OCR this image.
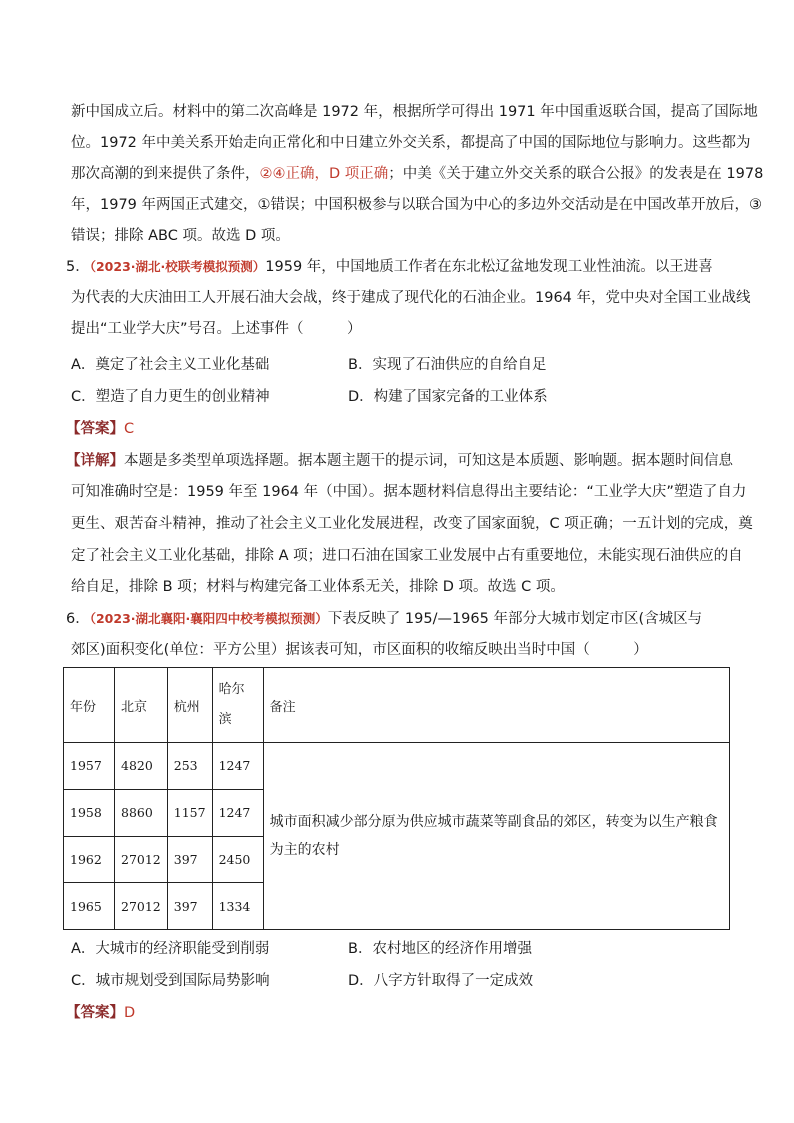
新中国成立后。材料中的第二次高峰是 1972 年，根据所学可得出 1971 年中国重返联合国，提高了国际地
位。1972 年中美关系开始走向正常化和中日建立外交关系，都提高了中国的国际地位与影响力。这些都为
那次高潮的到来提供了条件，②④正确，D 项正确；中美《关于建立外交关系的联合公报》的发表是在 1978
年，1979 年两国正式建交，①错误；中国积极参与以联合国为中心的多边外交活动是在中国改革开放后，③
错误；排除 ABC 项。故选 D 项。
5．（2023·湖北·校联考模拟预测）1959 年，中国地质工作者在东北松辽盆地发现工业性油流。以王进喜
为代表的大庆油田工人开展石油大会战，终于建成了现代化的石油企业。1964 年，党中央对全国工业战线
提出“工业学大庆”号召。上述事件（　　　）
A．奠定了社会主义工业化基础	B．实现了石油供应的自给自足
C．塑造了自力更生的创业精神	D．构建了国家完备的工业体系
【答案】C
【详解】本题是多类型单项选择题。据本题主题干的提示词，可知这是本质题、影响题。据本题时间信息
可知准确时空是：1959 年至 1964 年（中国）。据本题材料信息得出主要结论：“工业学大庆”塑造了自力
更生、艰苦奋斗精神，推动了社会主义工业化发展进程，改变了国家面貌，C 项正确；一五计划的完成，奠
定了社会主义工业化基础，排除 A 项；进口石油在国家工业发展中占有重要地位，未能实现石油供应的自
给自足，排除 B 项；材料与构建完备工业体系无关，排除 D 项。故选 C 项。
6．（2023·湖北襄阳·襄阳四中校考模拟预测）下表反映了 195/—1965 年部分大城市划定市区(含城区与
郊区)面积变化(单位：平方公里）据该表可知，市区面积的收缩反映出当时中国（　　　）
年份	北京	杭州	哈尔滨	备注
1957	4820	253	1247	城市面积减少部分原为供应城市蔬菜等副食品的郊区，转变为以生产粮食为主的农村
1958	8860	1157	1247	
1962	27012	397	2450	
1965	27012	397	1334	
A．大城市的经济职能受到削弱	B．农村地区的经济作用增强
C．城市规划受到国际局势影响	D．八字方针取得了一定成效
【答案】D
